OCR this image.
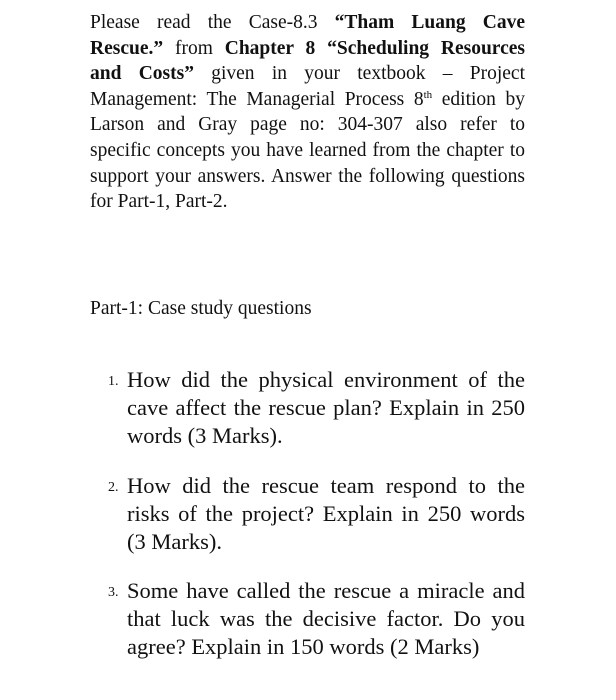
Please read the Case-8.3 “Tham Luang Cave Rescue.” from Chapter 8 “Scheduling Resources and Costs” given in your textbook – Project Management: The Managerial Process 8th edition by Larson and Gray page no: 304-307 also refer to specific concepts you have learned from the chapter to support your answers. Answer the following questions for Part-1, Part-2.

Part-1: Case study questions

1. How did the physical environment of the cave affect the rescue plan? Explain in 250 words (3 Marks).
2. How did the rescue team respond to the risks of the project? Explain in 250 words (3 Marks).
3. Some have called the rescue a miracle and that luck was the decisive factor. Do you agree? Explain in 150 words (2 Marks)
